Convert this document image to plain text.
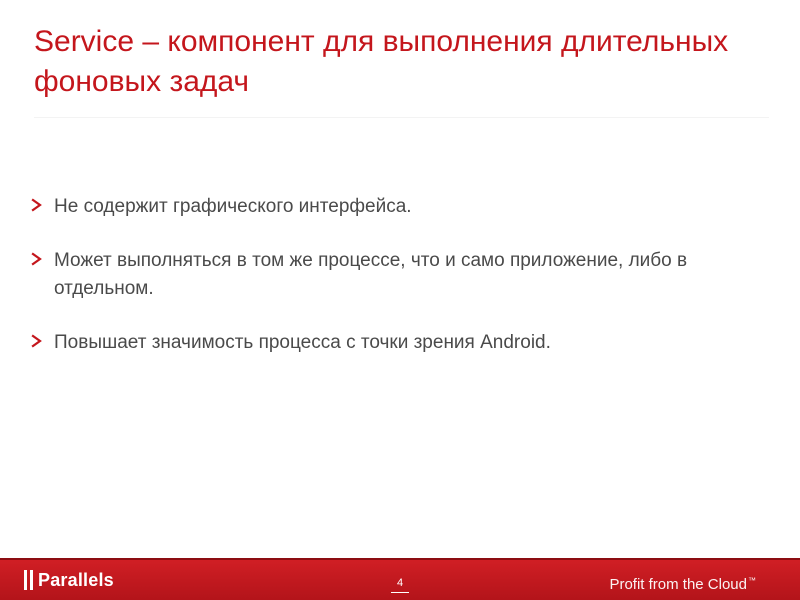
Service – компонент для выполнения длительных фоновых задач
Не содержит графического интерфейса.
Может выполняться в том же процессе, что и само приложение, либо в отдельном.
Повышает значимость процесса с точки зрения Android.
Parallels	4	Profit from the Cloud™
